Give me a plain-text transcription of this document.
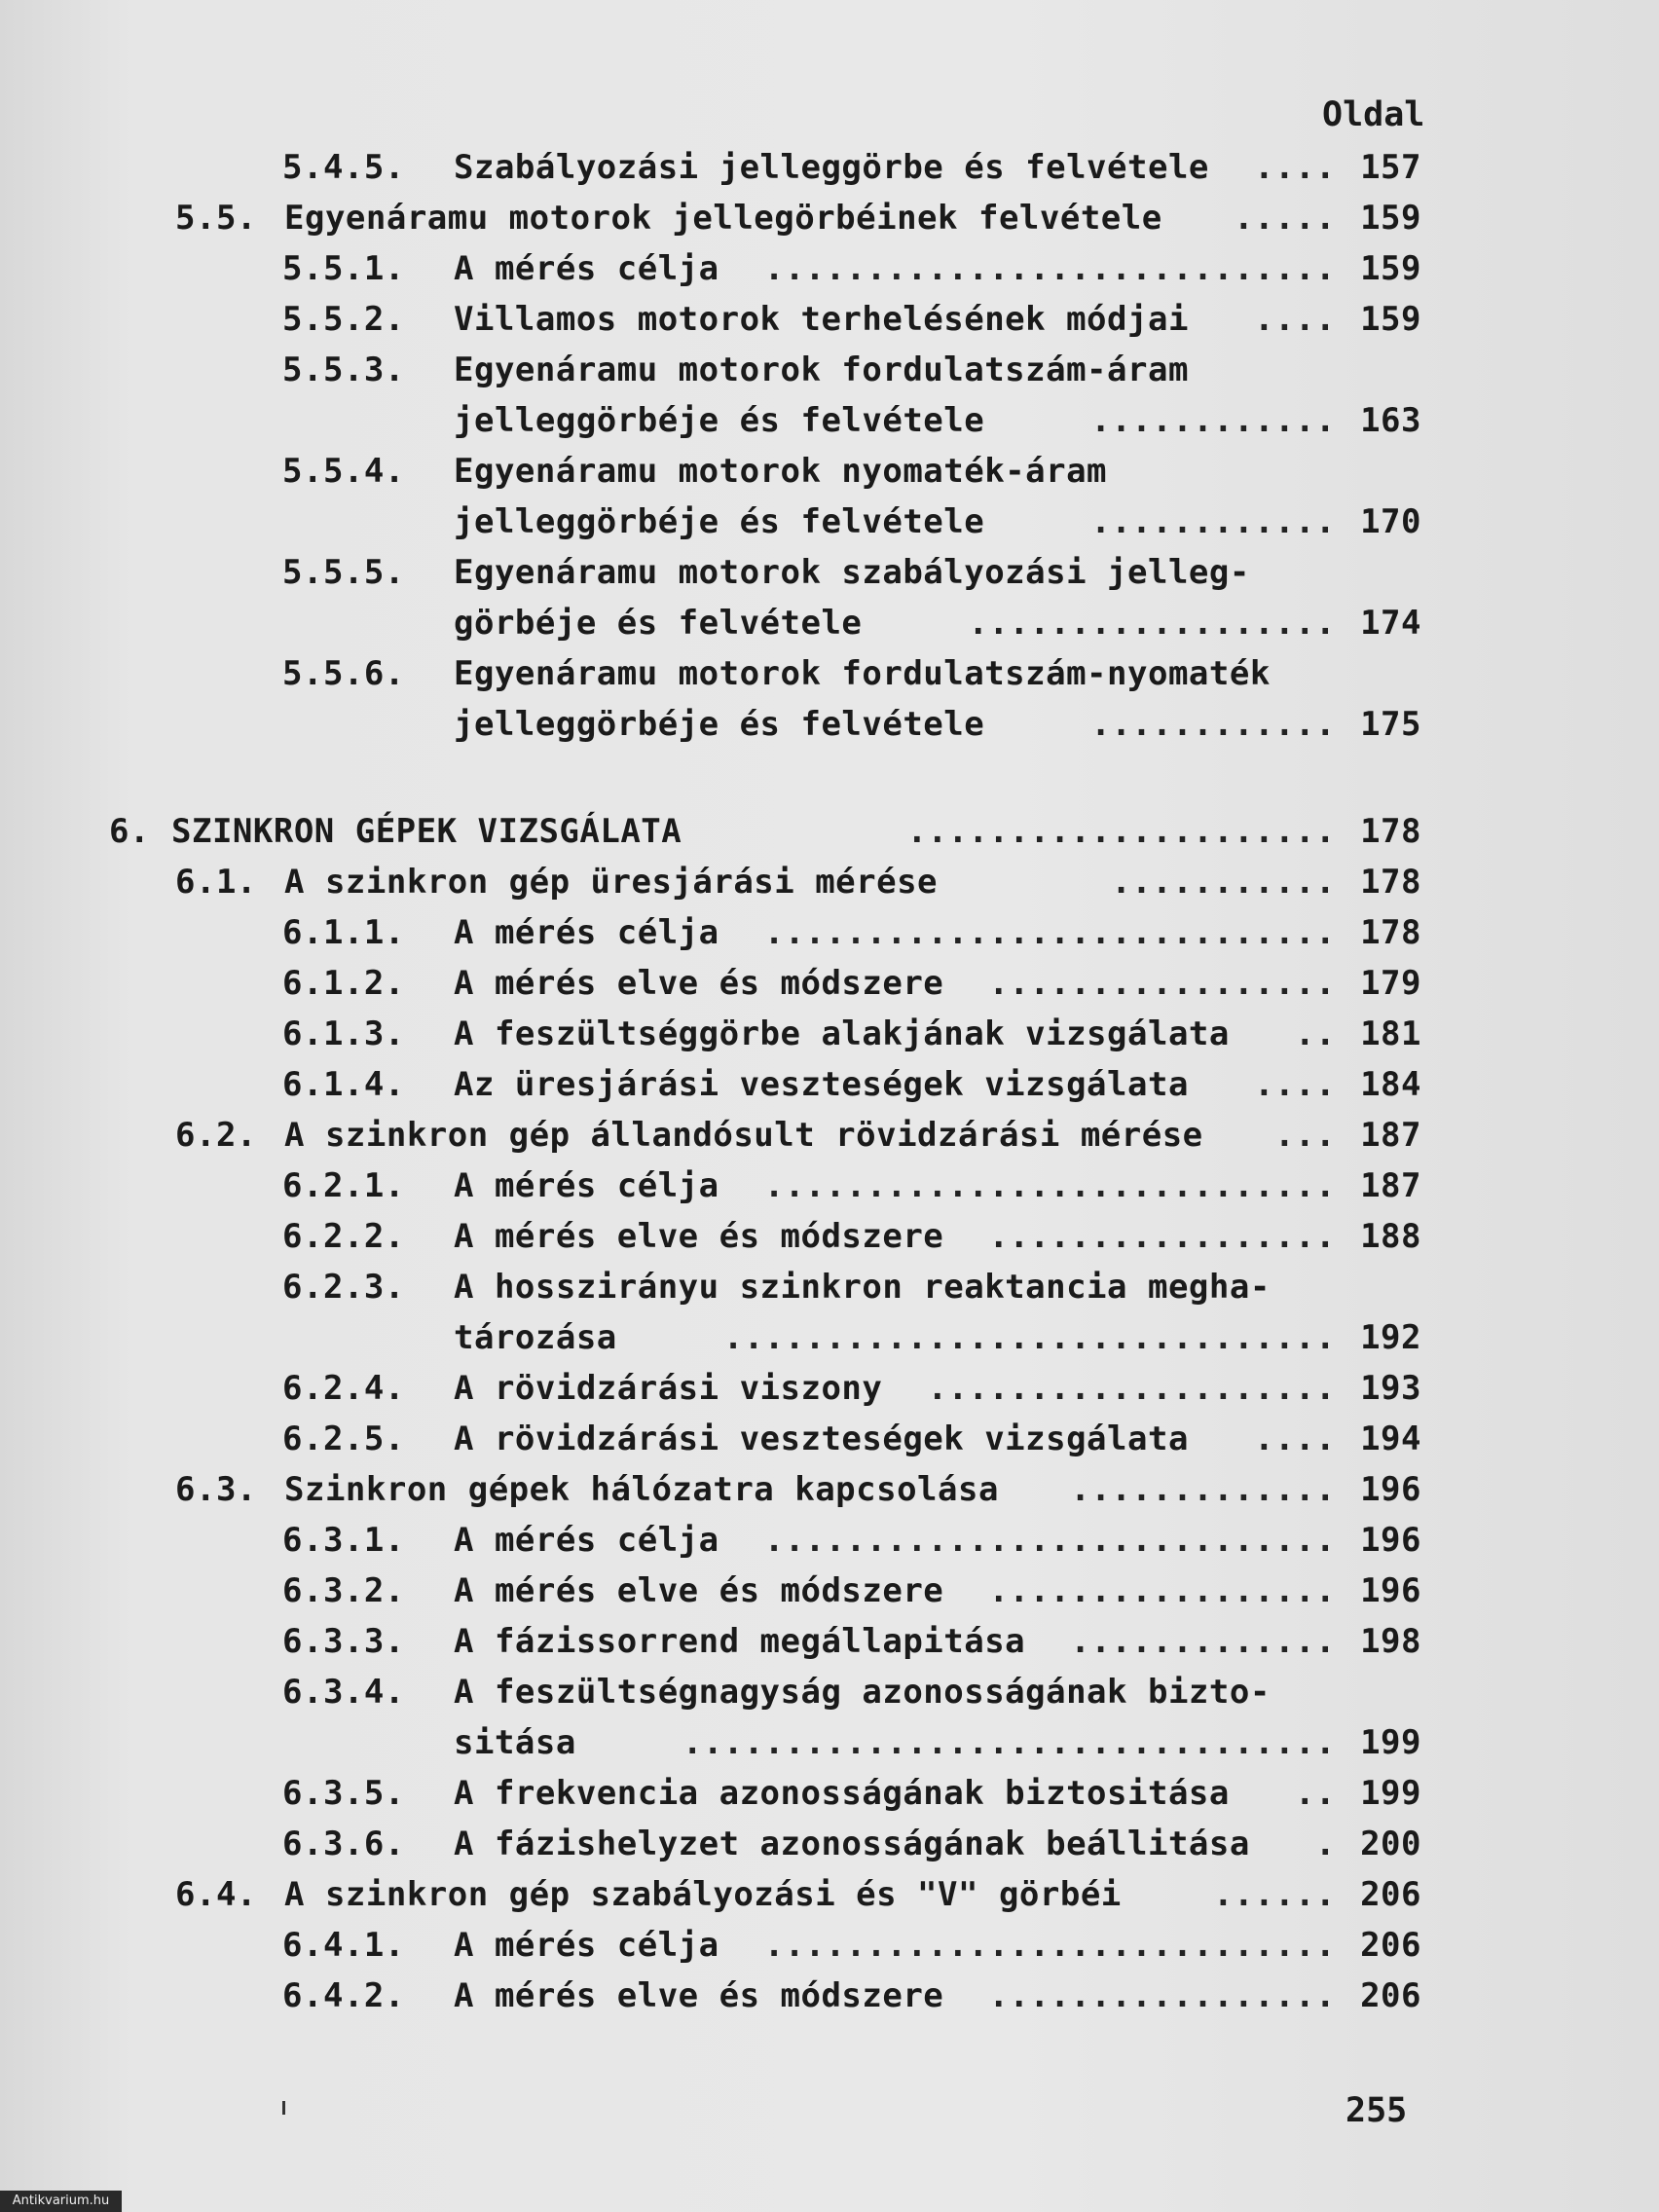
Oldal
5.4.5. Szabályozási jelleggörbe és felvétele	.... 157
5.5. Egyenáramu motorok jellegörbéinek felvétele	..... 159
5.5.1. A mérés célja	............................ 159
5.5.2. Villamos motorok terhelésének módjai	.... 159
5.5.3. Egyenáramu motorok fordulatszám-áram
jelleggörbéje és felvétele	............ 163
5.5.4. Egyenáramu motorok nyomaték-áram
jelleggörbéje és felvétele	............ 170
5.5.5. Egyenáramu motorok szabályozási jelleg-
görbéje és felvétele	.................. 174
5.5.6. Egyenáramu motorok fordulatszám-nyomaték
jelleggörbéje és felvétele	............ 175
6. SZINKRON GÉPEK VIZSGÁLATA	..................... 178
6.1. A szinkron gép üresjárási mérése	........... 178
6.1.1. A mérés célja	............................ 178
6.1.2. A mérés elve és módszere	................. 179
6.1.3. A feszültséggörbe alakjának vizsgálata	.. 181
6.1.4. Az üresjárási veszteségek vizsgálata	.... 184
6.2. A szinkron gép állandósult rövidzárási mérése	... 187
6.2.1. A mérés célja	............................ 187
6.2.2. A mérés elve és módszere	................. 188
6.2.3. A hosszirányu szinkron reaktancia megha-
tározása	.............................. 192
6.2.4. A rövidzárási viszony	.................... 193
6.2.5. A rövidzárási veszteségek vizsgálata	.... 194
6.3. Szinkron gépek hálózatra kapcsolása	............. 196
6.3.1. A mérés célja	............................ 196
6.3.2. A mérés elve és módszere	................. 196
6.3.3. A fázissorrend megállapitása	............. 198
6.3.4. A feszültségnagyság azonosságának bizto-
sitása	................................ 199
6.3.5. A frekvencia azonosságának biztositása	.. 199
6.3.6. A fázishelyzet azonosságának beállitása	. 200
6.4. A szinkron gép szabályozási és "V" görbéi	...... 206
6.4.1. A mérés célja	............................ 206
6.4.2. A mérés elve és módszere	................. 206
255
Antikvarium.hu
